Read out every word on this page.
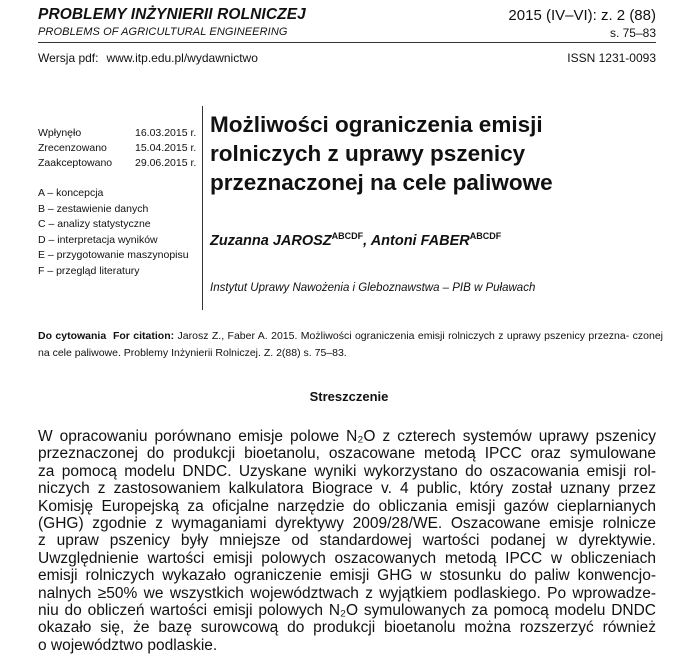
PROBLEMY INŻYNIERII ROLNICZEJ
PROBLEMS OF AGRICULTURAL ENGINEERING
2015 (IV–VI): z. 2 (88)
s. 75–83
Wersja pdf: www.itp.edu.pl/wydawnictwo	ISSN 1231-0093
Wpłynęło	16.03.2015 r.
Zrecenzowano	15.04.2015 r.
Zaakceptowano	29.06.2015 r.
A – koncepcja
B – zestawienie danych
C – analizy statystyczne
D – interpretacja wyników
E – przygotowanie maszynopisu
F – przegląd literatury
Możliwości ograniczenia emisji
rolniczych z uprawy pszenicy
przeznaczonej na cele paliwowe
Zuzanna $JAROSZ^{ABCDF}$, Antoni $FABER^{ABCDF}$
Instytut Uprawy Nawożenia i Gleboznawstwa – PIB w Puławach
Do cytowania For citation: Jarosz Z., Faber A. 2015. Możliwości ograniczenia emisji rolniczych z uprawy pszenicy przezna- czonej na cele paliwowe. Problemy Inżynierii Rolniczej. Z. 2(88) s. 75–83.
Streszczenie
W opracowaniu porównano emisje polowe N₂O z czterech systemów uprawy pszenicy
przeznaczonej do produkcji bioetanolu, oszacowane metodą IPCC oraz symulowane
za pomocą modelu DNDC. Uzyskane wyniki wykorzystano do oszacowania emisji rol-
niczych z zastosowaniem kalkulatora Biograce v. 4 public, który został uznany przez
Komisję Europejską za oficjalne narzędzie do obliczania emisji gazów cieplarnianych
(GHG) zgodnie z wymaganiami dyrektywy 2009/28/WE. Oszacowane emisje rolnicze
z upraw pszenicy były mniejsze od standardowej wartości podanej w dyrektywie.
Uwzględnienie wartości emisji polowych oszacowanych metodą IPCC w obliczeniach
emisji rolniczych wykazało ograniczenie emisji GHG w stosunku do paliw konwencjo-
nalnych ≥50% we wszystkich województwach z wyjątkiem podlaskiego. Po wprowadze-
niu do obliczeń wartości emisji polowych N₂O symulowanych za pomocą modelu DNDC
okazało się, że bazę surowcową do produkcji bioetanolu można rozszerzyć również
o województwo podlaskie.
